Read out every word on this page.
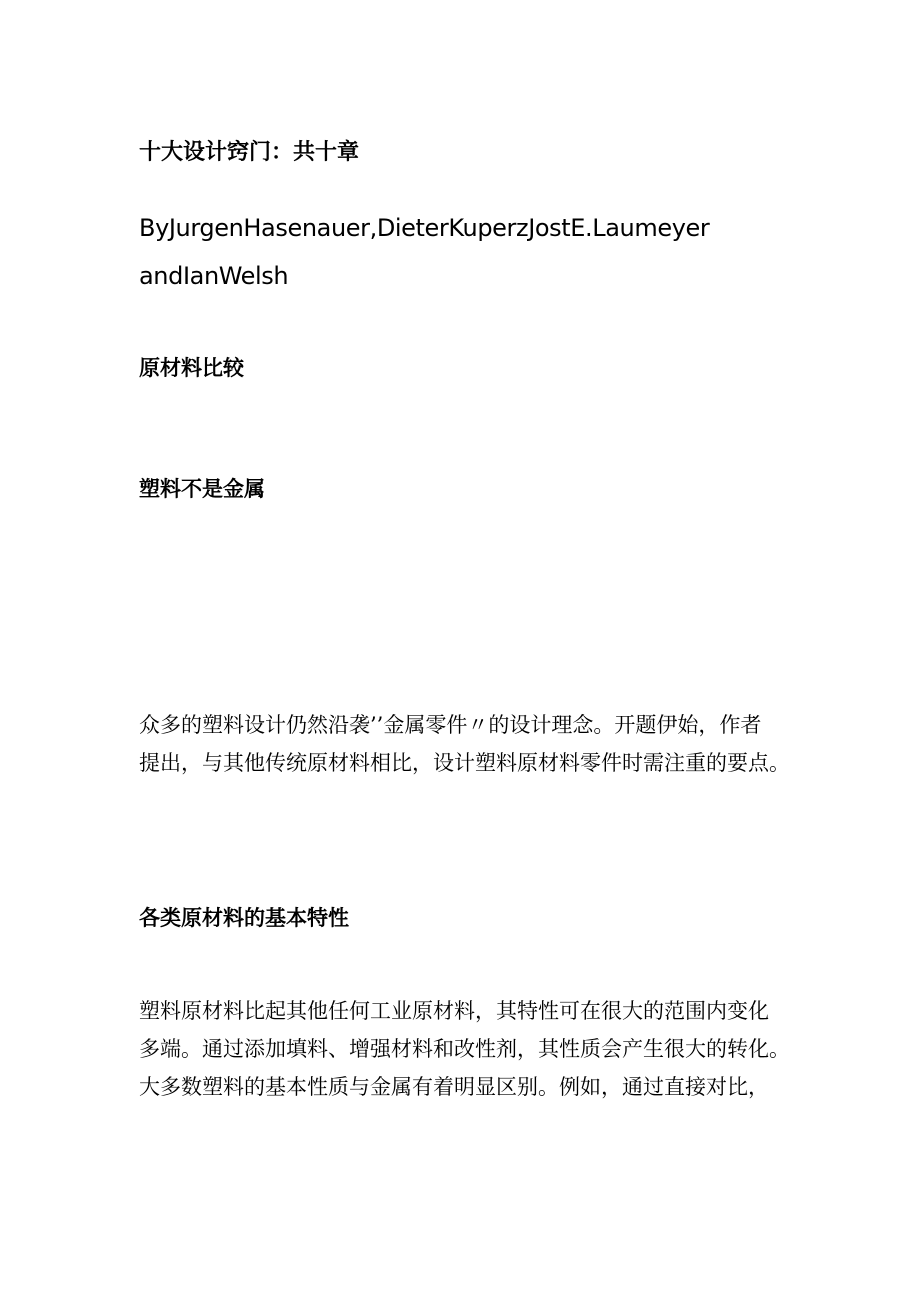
十大设计窍门：共十章
ByJurgenHasenauer,DieterKuperzJostE.Laumeyer
andIanWelsh
原材料比较
塑料不是金属
众多的塑料设计仍然沿袭’’金属零件〃的设计理念。开题伊始，作者
提出，与其他传统原材料相比，设计塑料原材料零件时需注重的要点。
各类原材料的基本特性
塑料原材料比起其他任何工业原材料，其特性可在很大的范围内变化
多端。通过添加填料、增强材料和改性剂，其性质会产生很大的转化。
大多数塑料的基本性质与金属有着明显区别。例如，通过直接对比，
